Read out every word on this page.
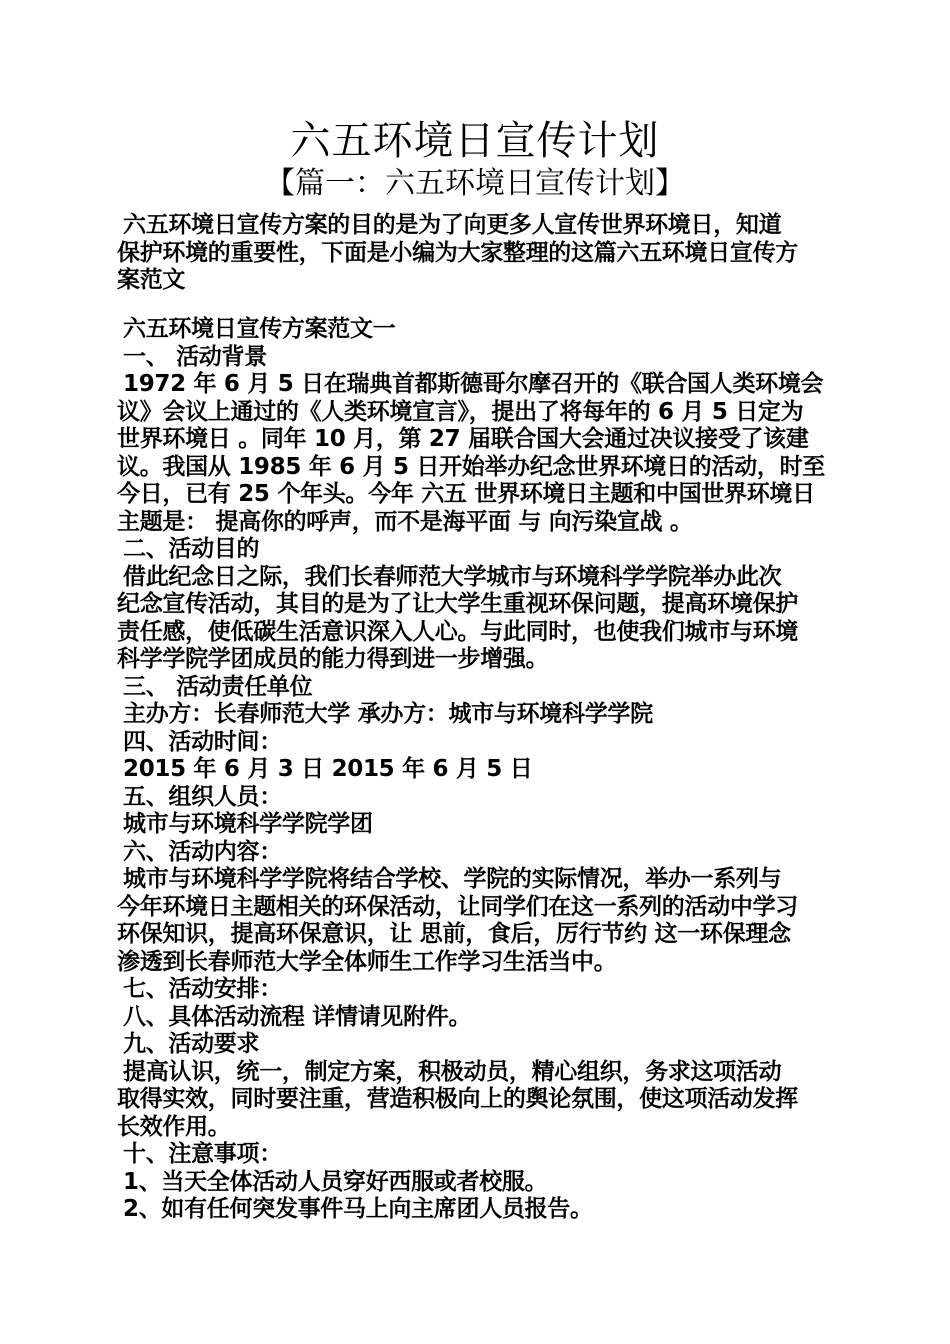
六五环境日宣传计划
【篇一：六五环境日宣传计划】
六五环境日宣传方案的目的是为了向更多人宣传世界环境日，知道
保护环境的重要性，下面是小编为大家整理的这篇六五环境日宣传方
案范文
六五环境日宣传方案范文一
一、 活动背景
1972 年 6 月 5 日在瑞典首都斯德哥尔摩召开的《联合国人类环境会
议》会议上通过的《人类环境宣言》，提出了将每年的 6 月 5 日定为
世界环境日 。同年 10 月，第 27 届联合国大会通过决议接受了该建
议。我国从 1985 年 6 月 5 日开始举办纪念世界环境日的活动，时至
今日，已有 25 个年头。今年 六五 世界环境日主题和中国世界环境日
主题是： 提高你的呼声，而不是海平面 与 向污染宣战 。
二、活动目的
借此纪念日之际，我们长春师范大学城市与环境科学学院举办此次
纪念宣传活动，其目的是为了让大学生重视环保问题，提高环境保护
责任感，使低碳生活意识深入人心。与此同时，也使我们城市与环境
科学学院学团成员的能力得到进一步增强。
三、 活动责任单位
主办方：长春师范大学 承办方：城市与环境科学学院
四、活动时间：
2015 年 6 月 3 日 2015 年 6 月 5 日
五、组织人员：
城市与环境科学学院学团
六、活动内容：
城市与环境科学学院将结合学校、学院的实际情况，举办一系列与
今年环境日主题相关的环保活动，让同学们在这一系列的活动中学习
环保知识，提高环保意识，让 思前，食后，厉行节约 这一环保理念
渗透到长春师范大学全体师生工作学习生活当中。
七、活动安排：
八、具体活动流程 详情请见附件。
九、活动要求
提高认识，统一，制定方案，积极动员，精心组织，务求这项活动
取得实效，同时要注重，营造积极向上的舆论氛围，使这项活动发挥
长效作用。
十、注意事项：
1、当天全体活动人员穿好西服或者校服。
2、如有任何突发事件马上向主席团人员报告。
